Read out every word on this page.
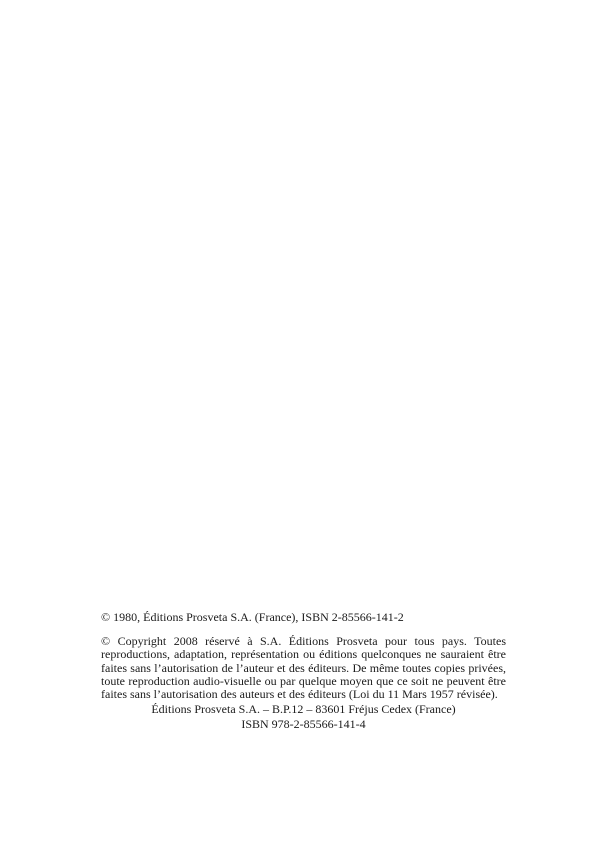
© 1980, Éditions Prosveta S.A. (France), ISBN 2-85566-141-2

© Copyright 2008 réservé à S.A. Éditions Prosveta pour tous pays. Toutes reproductions, adaptation, représentation ou éditions quelconques ne sauraient être faites sans l’autorisation de l’auteur et des éditeurs. De même toutes copies privées, toute reproduction audio-visuelle ou par quelque moyen que ce soit ne peuvent être faites sans l’autorisation des auteurs et des éditeurs (Loi du 11 Mars 1957 révisée).

Éditions Prosveta S.A. – B.P.12 – 83601 Fréjus Cedex (France)

ISBN 978-2-85566-141-4
